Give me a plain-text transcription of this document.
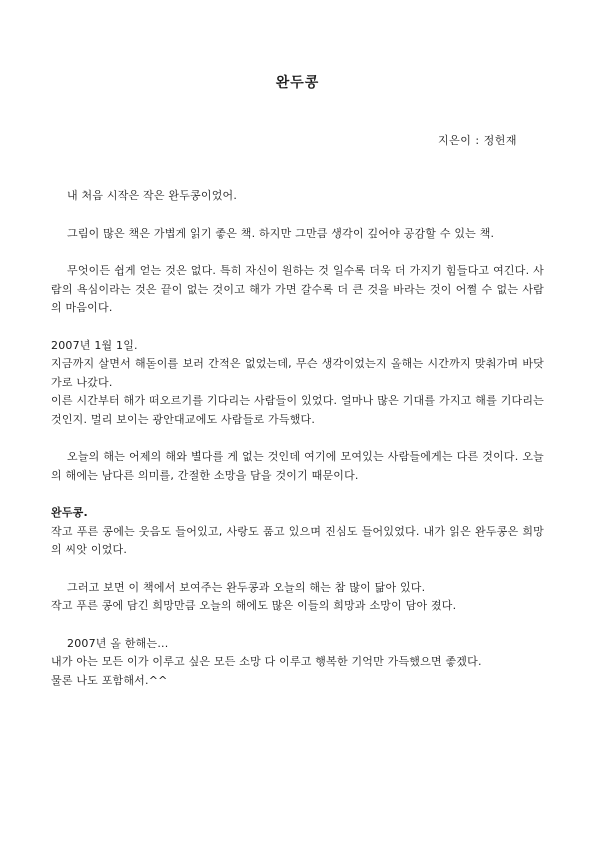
완두콩
지은이 : 정헌재

내 처음 시작은 작은 완두콩이었어.

그림이 많은 책은 가볍게 읽기 좋은 책. 하지만 그만큼 생각이 깊어야 공감할 수 있는 책.

무엇이든 쉽게 얻는 것은 없다. 특히 자신이 원하는 것 일수록 더욱 더 가지기 힘들다고 여긴다. 사람의 욕심이라는 것은 끝이 없는 것이고 해가 가면 갈수록 더 큰 것을 바라는 것이 어쩔 수 없는 사람의 마음이다.

2007년 1월 1일.
지금까지 살면서 해돋이를 보러 간적은 없었는데, 무슨 생각이었는지 올해는 시간까지 맞춰가며 바닷가로 나갔다.
이른 시간부터 해가 떠오르기를 기다리는 사람들이 있었다. 얼마나 많은 기대를 가지고 해를 기다리는 것인지. 멀리 보이는 광안대교에도 사람들로 가득했다.

오늘의 해는 어제의 해와 별다를 게 없는 것인데 여기에 모여있는 사람들에게는 다른 것이다. 오늘의 해에는 남다른 의미를, 간절한 소망을 담을 것이기 때문이다.

완두콩.
작고 푸른 콩에는 웃음도 들어있고, 사랑도 품고 있으며 진심도 들어있었다. 내가 읽은 완두콩은 희망의 씨앗 이었다.
그러고 보면 이 책에서 보여주는 완두콩과 오늘의 해는 참 많이 닮아 있다.
작고 푸른 콩에 담긴 희망만큼 오늘의 해에도 많은 이들의 희망과 소망이 담아 졌다.
2007년 올 한해는...
내가 아는 모든 이가 이루고 싶은 모든 소망 다 이루고 행복한 기억만 가득했으면 좋겠다.
물론 나도 포함해서.^^
